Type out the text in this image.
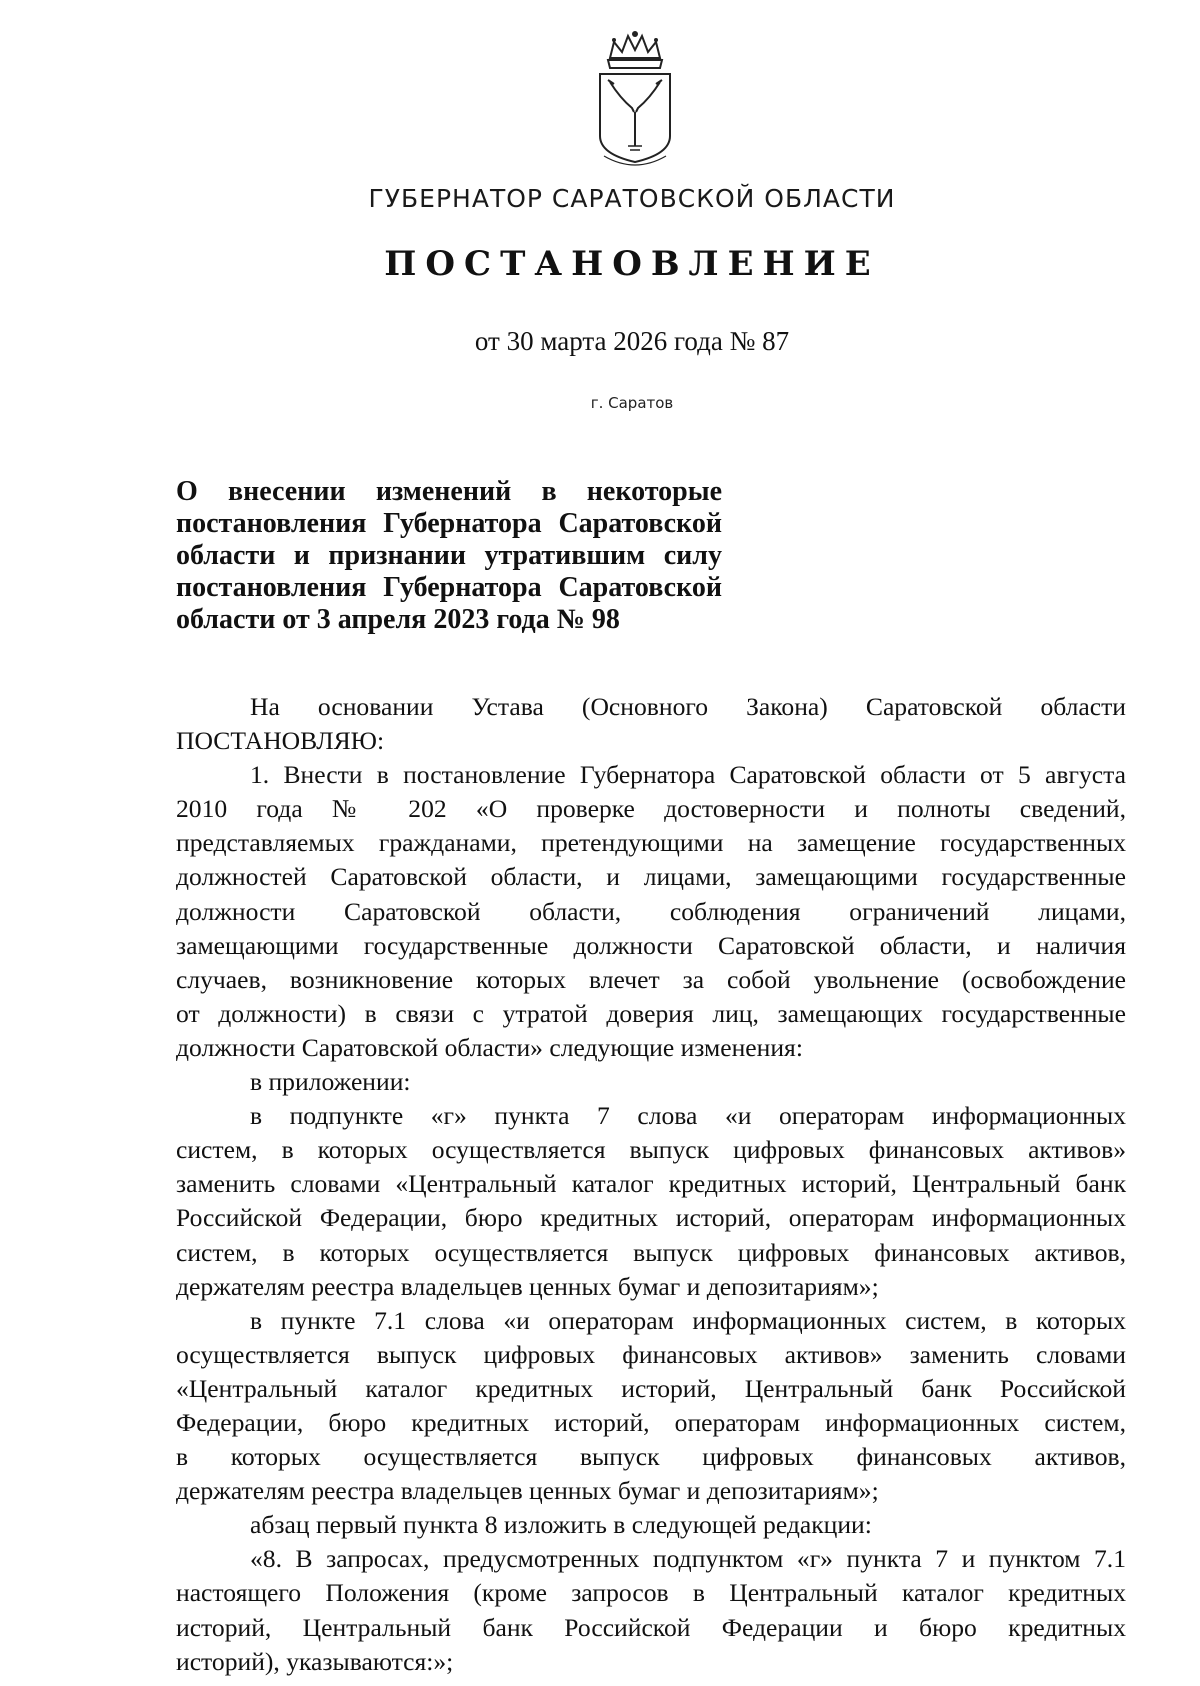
ГУБЕРНАТОР САРАТОВСКОЙ ОБЛАСТИ
ПОСТАНОВЛЕНИЕ
от 30 марта 2026 года № 87
г. Саратов
О внесении изменений в некоторые
постановления Губернатора Саратовской
области и признании утратившим силу
постановления Губернатора Саратовской
области от 3 апреля 2023 года № 98
На основании Устава (Основного Закона) Саратовской области
ПОСТАНОВЛЯЮ:
1. Внести в постановление Губернатора Саратовской области от 5 августа
2010 года № 202 «О проверке достоверности и полноты сведений,
представляемых гражданами, претендующими на замещение государственных
должностей Саратовской области, и лицами, замещающими государственные
должности Саратовской области, соблюдения ограничений лицами,
замещающими государственные должности Саратовской области, и наличия
случаев, возникновение которых влечет за собой увольнение (освобождение
от должности) в связи с утратой доверия лиц, замещающих государственные
должности Саратовской области» следующие изменения:
в приложении:
в подпункте «г» пункта 7 слова «и операторам информационных
систем, в которых осуществляется выпуск цифровых финансовых активов»
заменить словами «Центральный каталог кредитных историй, Центральный банк
Российской Федерации, бюро кредитных историй, операторам информационных
систем, в которых осуществляется выпуск цифровых финансовых активов,
держателям реестра владельцев ценных бумаг и депозитариям»;
в пункте 7.1 слова «и операторам информационных систем, в которых
осуществляется выпуск цифровых финансовых активов» заменить словами
«Центральный каталог кредитных историй, Центральный банк Российской
Федерации, бюро кредитных историй, операторам информационных систем,
в которых осуществляется выпуск цифровых финансовых активов,
держателям реестра владельцев ценных бумаг и депозитариям»;
абзац первый пункта 8 изложить в следующей редакции:
«8. В запросах, предусмотренных подпунктом «г» пункта 7 и пунктом 7.1
настоящего Положения (кроме запросов в Центральный каталог кредитных
историй, Центральный банк Российской Федерации и бюро кредитных
историй), указываются:»;
